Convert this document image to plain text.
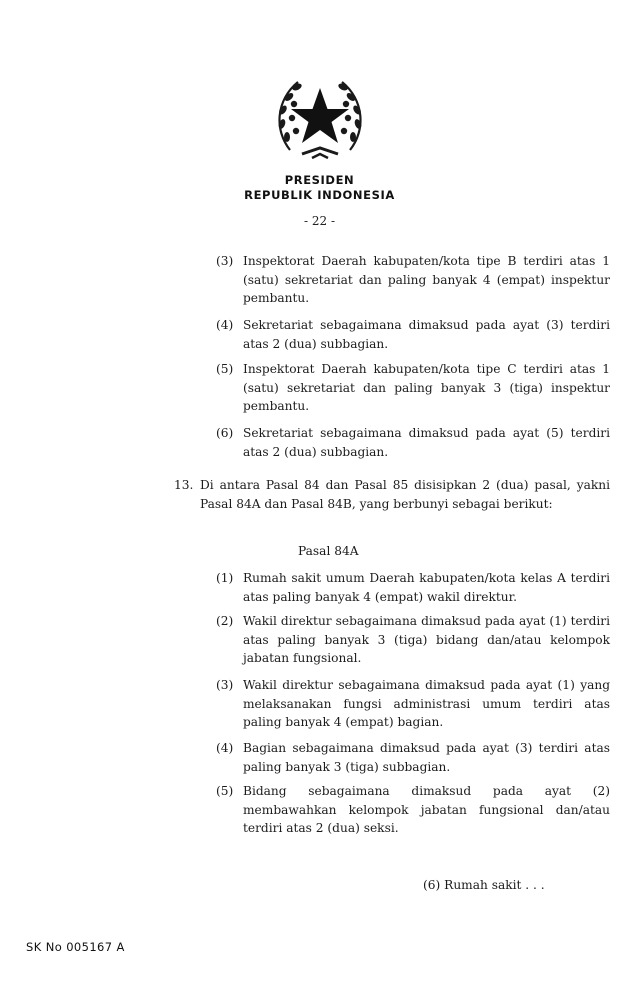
PRESIDEN
REPUBLIK INDONESIA
- 22 -
(3) Inspektorat Daerah kabupaten/kota tipe B terdiri atas 1 (satu) sekretariat dan paling banyak 4 (empat) inspektur pembantu.
(4) Sekretariat sebagaimana dimaksud pada ayat (3) terdiri atas 2 (dua) subbagian.
(5) Inspektorat Daerah kabupaten/kota tipe C terdiri atas 1 (satu) sekretariat dan paling banyak 3 (tiga) inspektur pembantu.
(6) Sekretariat sebagaimana dimaksud pada ayat (5) terdiri atas 2 (dua) subbagian.
13. Di antara Pasal 84 dan Pasal 85 disisipkan 2 (dua) pasal, yakni Pasal 84A dan Pasal 84B, yang berbunyi sebagai berikut:
Pasal 84A
(1) Rumah sakit umum Daerah kabupaten/kota kelas A terdiri atas paling banyak 4 (empat) wakil direktur.
(2) Wakil direktur sebagaimana dimaksud pada ayat (1) terdiri atas paling banyak 3 (tiga) bidang dan/atau kelompok jabatan fungsional.
(3) Wakil direktur sebagaimana dimaksud pada ayat (1) yang melaksanakan fungsi administrasi umum terdiri atas paling banyak 4 (empat) bagian.
(4) Bagian sebagaimana dimaksud pada ayat (3) terdiri atas paling banyak 3 (tiga) subbagian.
(5) Bidang sebagaimana dimaksud pada ayat (2) membawahkan kelompok jabatan fungsional dan/atau terdiri atas 2 (dua) seksi.
(6) Rumah sakit . . .
SK No 005167 A
